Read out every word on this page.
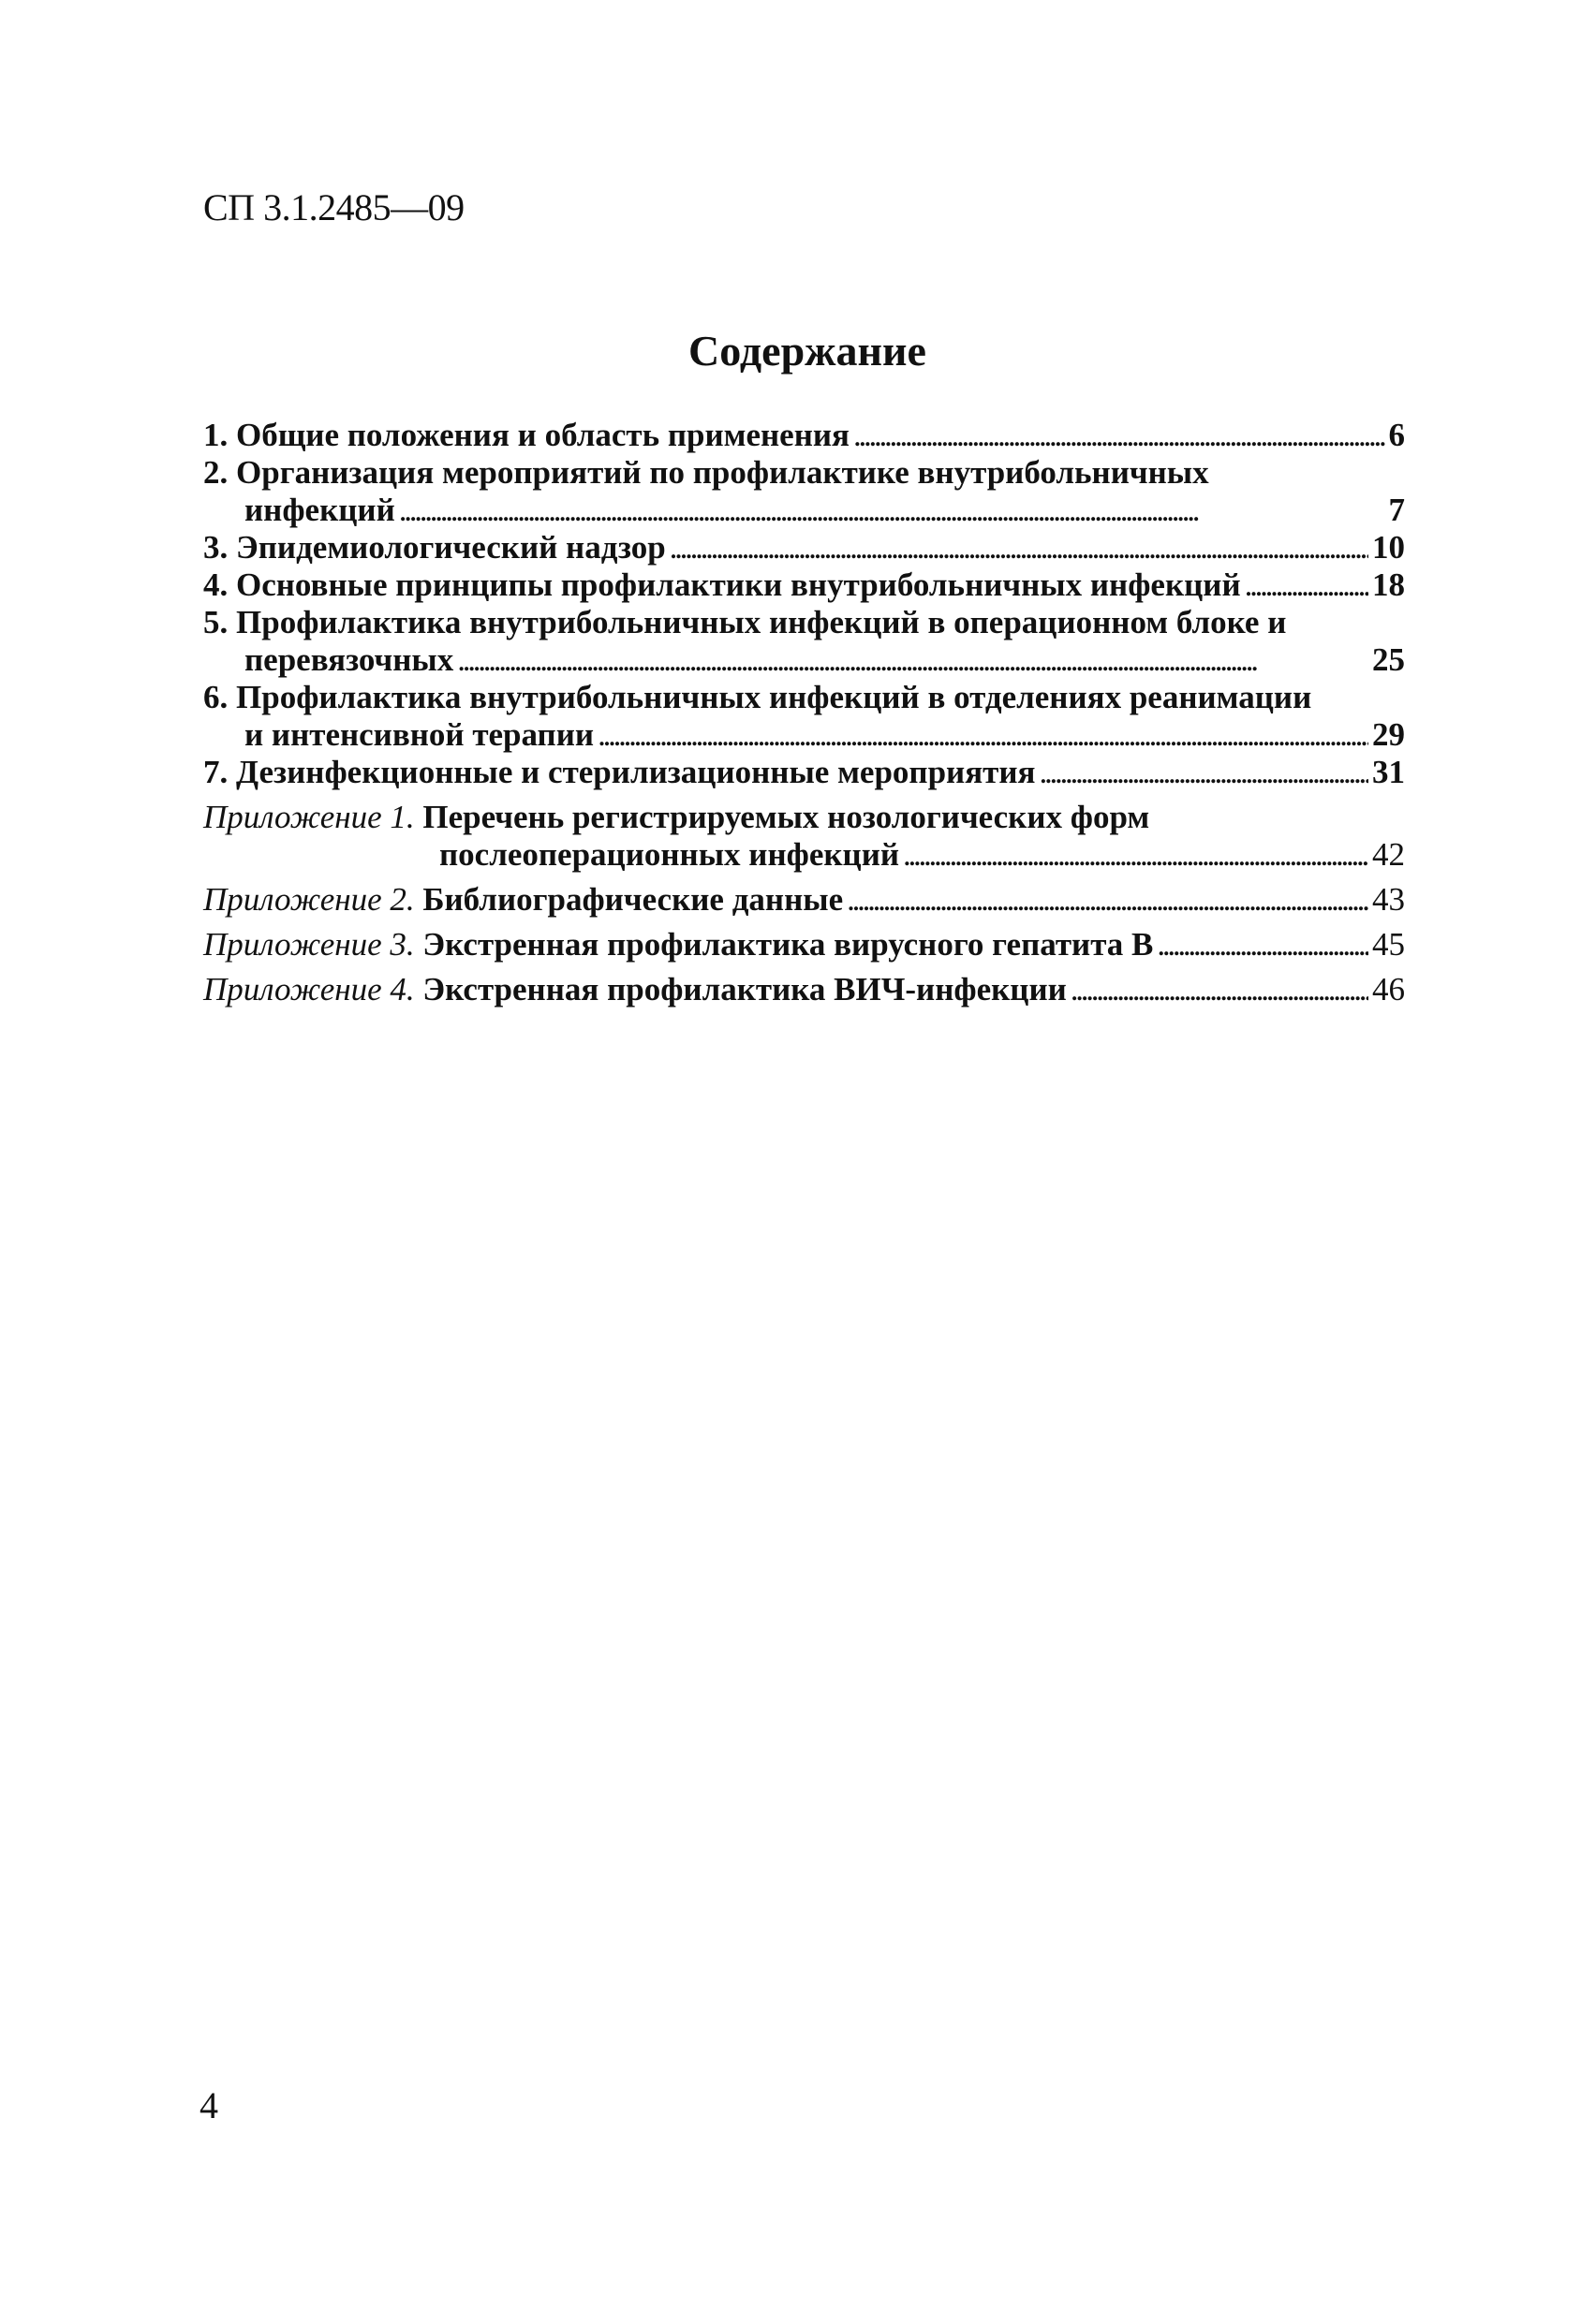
СП 3.1.2485—09
Содержание
1. Общие положения и область применения . . .	6
2. Организация мероприятий по профилактике внутрибольничных
инфекций . . .	7
3. Эпидемиологический надзор . . .	10
4. Основные принципы профилактики внутрибольничных инфекций . . .	18
5. Профилактика внутрибольничных инфекций в операционном блоке и
перевязочных . . .	25
6. Профилактика внутрибольничных инфекций в отделениях реанимации
и интенсивной терапии . . .	29
7. Дезинфекционные и стерилизационные мероприятия . . .	31
Приложение 1.
Перечень регистрируемых нозологических форм
послеоперационных инфекций . . .	42
Приложение 2.
Библиографические данные . . .	43
Приложение 3.
Экстренная профилактика вирусного гепатита В . . .	45
Приложение 4.
Экстренная профилактика ВИЧ-инфекции . . .	46
4
